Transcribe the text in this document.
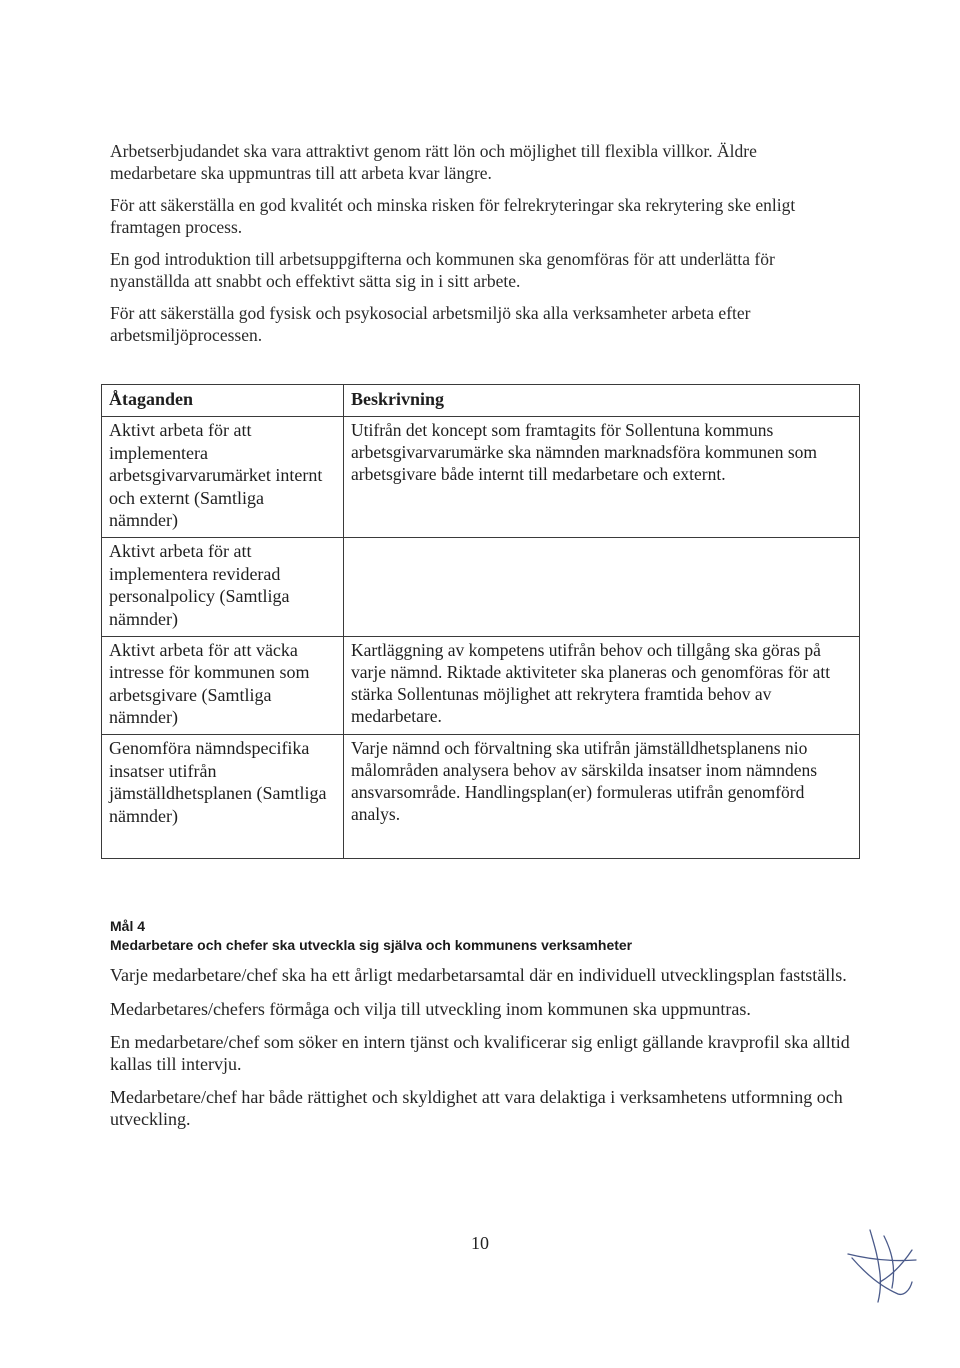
Arbetserbjudandet ska vara attraktivt genom rätt lön och möjlighet till flexibla villkor. Äldre medarbetare ska uppmuntras till att arbeta kvar längre.

För att säkerställa en god kvalitét och minska risken för felrekryteringar ska rekrytering ske enligt framtagen process.

En god introduktion till arbetsuppgifterna och kommunen ska genomföras för att underlätta för nyanställda att snabbt och effektivt sätta sig in i sitt arbete.

För att säkerställa god fysisk och psykosocial arbetsmiljö ska alla verksamheter arbeta efter arbetsmiljöprocessen.

Åtaganden	Beskrivning
Aktivt arbeta för att implementera arbetsgivarvarumärket internt och externt (Samtliga nämnder)	Utifrån det koncept som framtagits för Sollentuna kommuns arbetsgivarvarumärke ska nämnden marknadsföra kommunen som arbetsgivare både internt till medarbetare och externt.
Aktivt arbeta för att implementera reviderad personalpolicy (Samtliga nämnder)	
Aktivt arbeta för att väcka intresse för kommunen som arbetsgivare (Samtliga nämnder)	Kartläggning av kompetens utifrån behov och tillgång ska göras på varje nämnd. Riktade aktiviteter ska planeras och genomföras för att stärka Sollentunas möjlighet att rekrytera framtida behov av medarbetare.
Genomföra nämndspecifika insatser utifrån jämställdhetsplanen (Samtliga nämnder)	Varje nämnd och förvaltning ska utifrån jämställdhetsplanens nio målområden analysera behov av särskilda insatser inom nämndens ansvarsområde. Handlingsplan(er) formuleras utifrån genomförd analys.
Mål 4
Medarbetare och chefer ska utveckla sig själva och kommunens verksamheter

Varje medarbetare/chef ska ha ett årligt medarbetarsamtal där en individuell utvecklingsplan fastställs.

Medarbetares/chefers förmåga och vilja till utveckling inom kommunen ska uppmuntras.

En medarbetare/chef som söker en intern tjänst och kvalificerar sig enligt gällande kravprofil ska alltid kallas till intervju.

Medarbetare/chef har både rättighet och skyldighet att vara delaktiga i verksamhetens utformning och utveckling.

10
